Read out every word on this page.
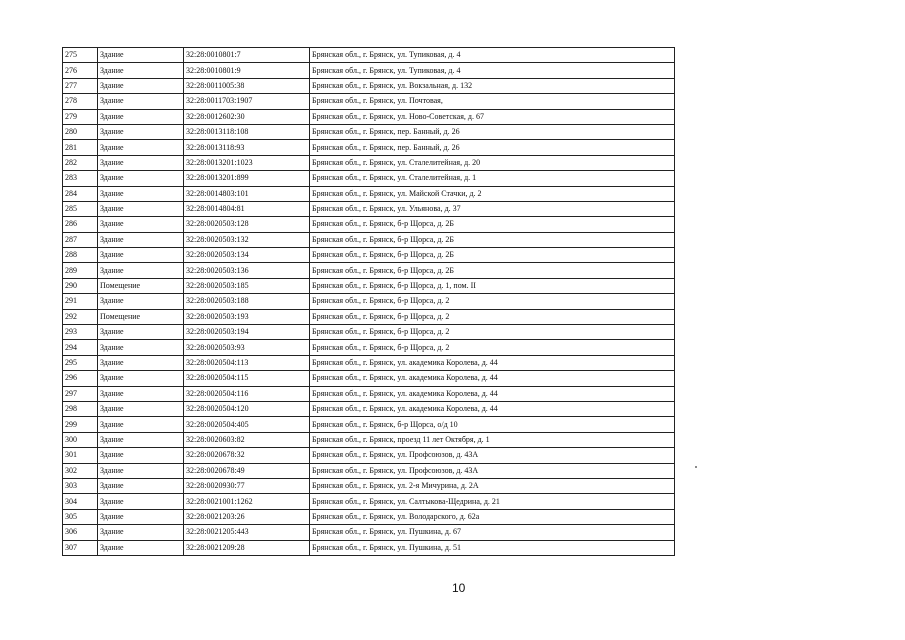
275	Здание	32:28:0010801:7	Брянская обл., г. Брянск, ул. Тупиковая, д. 4
276	Здание	32:28:0010801:9	Брянская обл., г. Брянск, ул. Тупиковая, д. 4
277	Здание	32:28:0011005:38	Брянская обл., г. Брянск, ул. Вокзальная, д. 132
278	Здание	32:28:0011703:1907	Брянская обл., г. Брянск, ул. Почтовая,
279	Здание	32:28:0012602:30	Брянская обл., г. Брянск, ул. Ново-Советская, д. 67
280	Здание	32:28:0013118:108	Брянская обл., г. Брянск, пер. Банный, д. 26
281	Здание	32:28:0013118:93	Брянская обл., г. Брянск, пер. Банный, д. 26
282	Здание	32:28:0013201:1023	Брянская обл., г. Брянск, ул. Сталелитейная, д. 20
283	Здание	32:28:0013201:899	Брянская обл., г. Брянск, ул. Сталелитейная, д. 1
284	Здание	32:28:0014803:101	Брянская обл., г. Брянск, ул. Майской Стачки, д. 2
285	Здание	32:28:0014804:81	Брянская обл., г. Брянск, ул. Ульянова, д. 37
286	Здание	32:28:0020503:128	Брянская обл., г. Брянск, б-р Щорса, д. 2Б
287	Здание	32:28:0020503:132	Брянская обл., г. Брянск, б-р Щорса, д. 2Б
288	Здание	32:28:0020503:134	Брянская обл., г. Брянск, б-р Щорса, д. 2Б
289	Здание	32:28:0020503:136	Брянская обл., г. Брянск, б-р Щорса, д. 2Б
290	Помещение	32:28:0020503:185	Брянская обл., г. Брянск, б-р Щорса, д. 1, пом. II
291	Здание	32:28:0020503:188	Брянская обл., г. Брянск, б-р Щорса, д. 2
292	Помещение	32:28:0020503:193	Брянская обл., г. Брянск, б-р Щорса, д. 2
293	Здание	32:28:0020503:194	Брянская обл., г. Брянск, б-р Щорса, д. 2
294	Здание	32:28:0020503:93	Брянская обл., г. Брянск, б-р Щорса, д. 2
295	Здание	32:28:0020504:113	Брянская обл., г. Брянск, ул. академика Королева, д. 44
296	Здание	32:28:0020504:115	Брянская обл., г. Брянск, ул. академика Королева, д. 44
297	Здание	32:28:0020504:116	Брянская обл., г. Брянск, ул. академика Королева, д. 44
298	Здание	32:28:0020504:120	Брянская обл., г. Брянск, ул. академика Королева, д. 44
299	Здание	32:28:0020504:405	Брянская обл., г. Брянск, б-р Щорса, о/д 10
300	Здание	32:28:0020603:82	Брянская обл., г. Брянск, проезд 11 лет Октября, д. 1
301	Здание	32:28:0020678:32	Брянская обл., г. Брянск, ул. Профсоюзов, д. 43А
302	Здание	32:28:0020678:49	Брянская обл., г. Брянск, ул. Профсоюзов, д. 43А
303	Здание	32:28:0020930:77	Брянская обл., г. Брянск, ул. 2-я Мичурина, д. 2А
304	Здание	32:28:0021001:1262	Брянская обл., г. Брянск, ул. Салтыкова-Щедрина, д. 21
305	Здание	32:28:0021203:26	Брянская обл., г. Брянск, ул. Володарского, д. 62а
306	Здание	32:28:0021205:443	Брянская обл., г. Брянск, ул. Пушкина, д. 67
307	Здание	32:28:0021209:28	Брянская обл., г. Брянск, ул. Пушкина, д. 51
10
